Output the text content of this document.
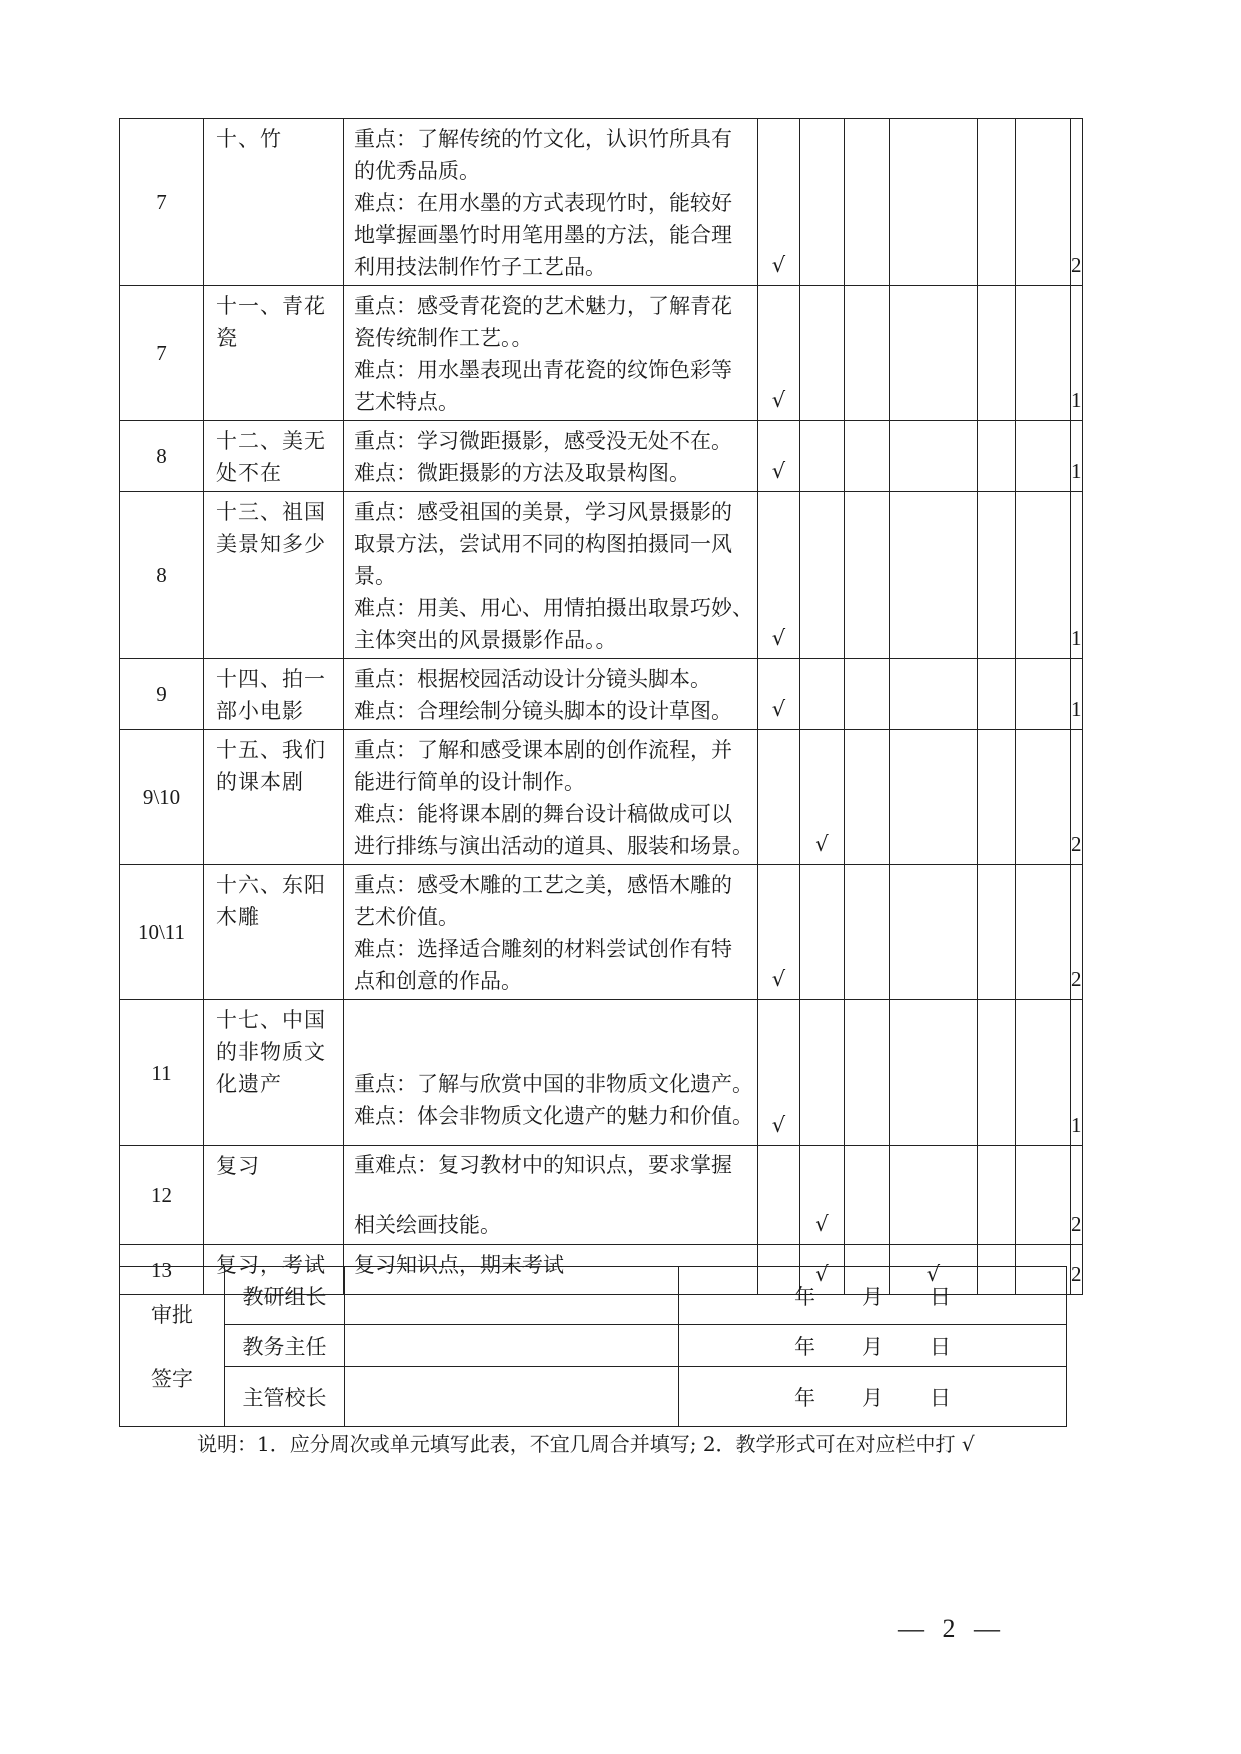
7	十、竹	重点：了解传统的竹文化，认识竹所具有
的优秀品质。
难点：在用水墨的方式表现竹时，能较好
地掌握画墨竹时用笔用墨的方法，能合理
利用技法制作竹子工艺品。	√						2
7	十一、青花
瓷	重点：感受青花瓷的艺术魅力，了解青花
瓷传统制作工艺。。
难点：用水墨表现出青花瓷的纹饰色彩等
艺术特点。	√						1
8	十二、美无
处不在	重点：学习微距摄影，感受没无处不在。
难点：微距摄影的方法及取景构图。	√						1
8	十三、祖国
美景知多少	重点：感受祖国的美景，学习风景摄影的
取景方法，尝试用不同的构图拍摄同一风
景。
难点：用美、用心、用情拍摄出取景巧妙、
主体突出的风景摄影作品。。	√						1
9	十四、拍一
部小电影	重点：根据校园活动设计分镜头脚本。
难点：合理绘制分镜头脚本的设计草图。	√						1
9\10	十五、我们
的课本剧	重点：了解和感受课本剧的创作流程，并
能进行简单的设计制作。
难点：能将课本剧的舞台设计稿做成可以
进行排练与演出活动的道具、服装和场景。		√					2
10\11	十六、东阳
木雕	重点：感受木雕的工艺之美，感悟木雕的
艺术价值。
难点：选择适合雕刻的材料尝试创作有特
点和创意的作品。	√						2
11	十七、中国
的非物质文
化遗产	重点：了解与欣赏中国的非物质文化遗产。
难点：体会非物质文化遗产的魅力和价值。	√						1
12	复习	重难点：复习教材中的知识点，要求掌握

相关绘画技能。		√					2
13	复习，考试	复习知识点，期末考试		√		√			2
审批
签字	教研组长		年 月 日
	教务主任		年 月 日
	主管校长		年 月 日
说明：1．应分周次或单元填写此表，不宜几周合并填写; 2．教学形式可在对应栏中打 √
— 2 —
